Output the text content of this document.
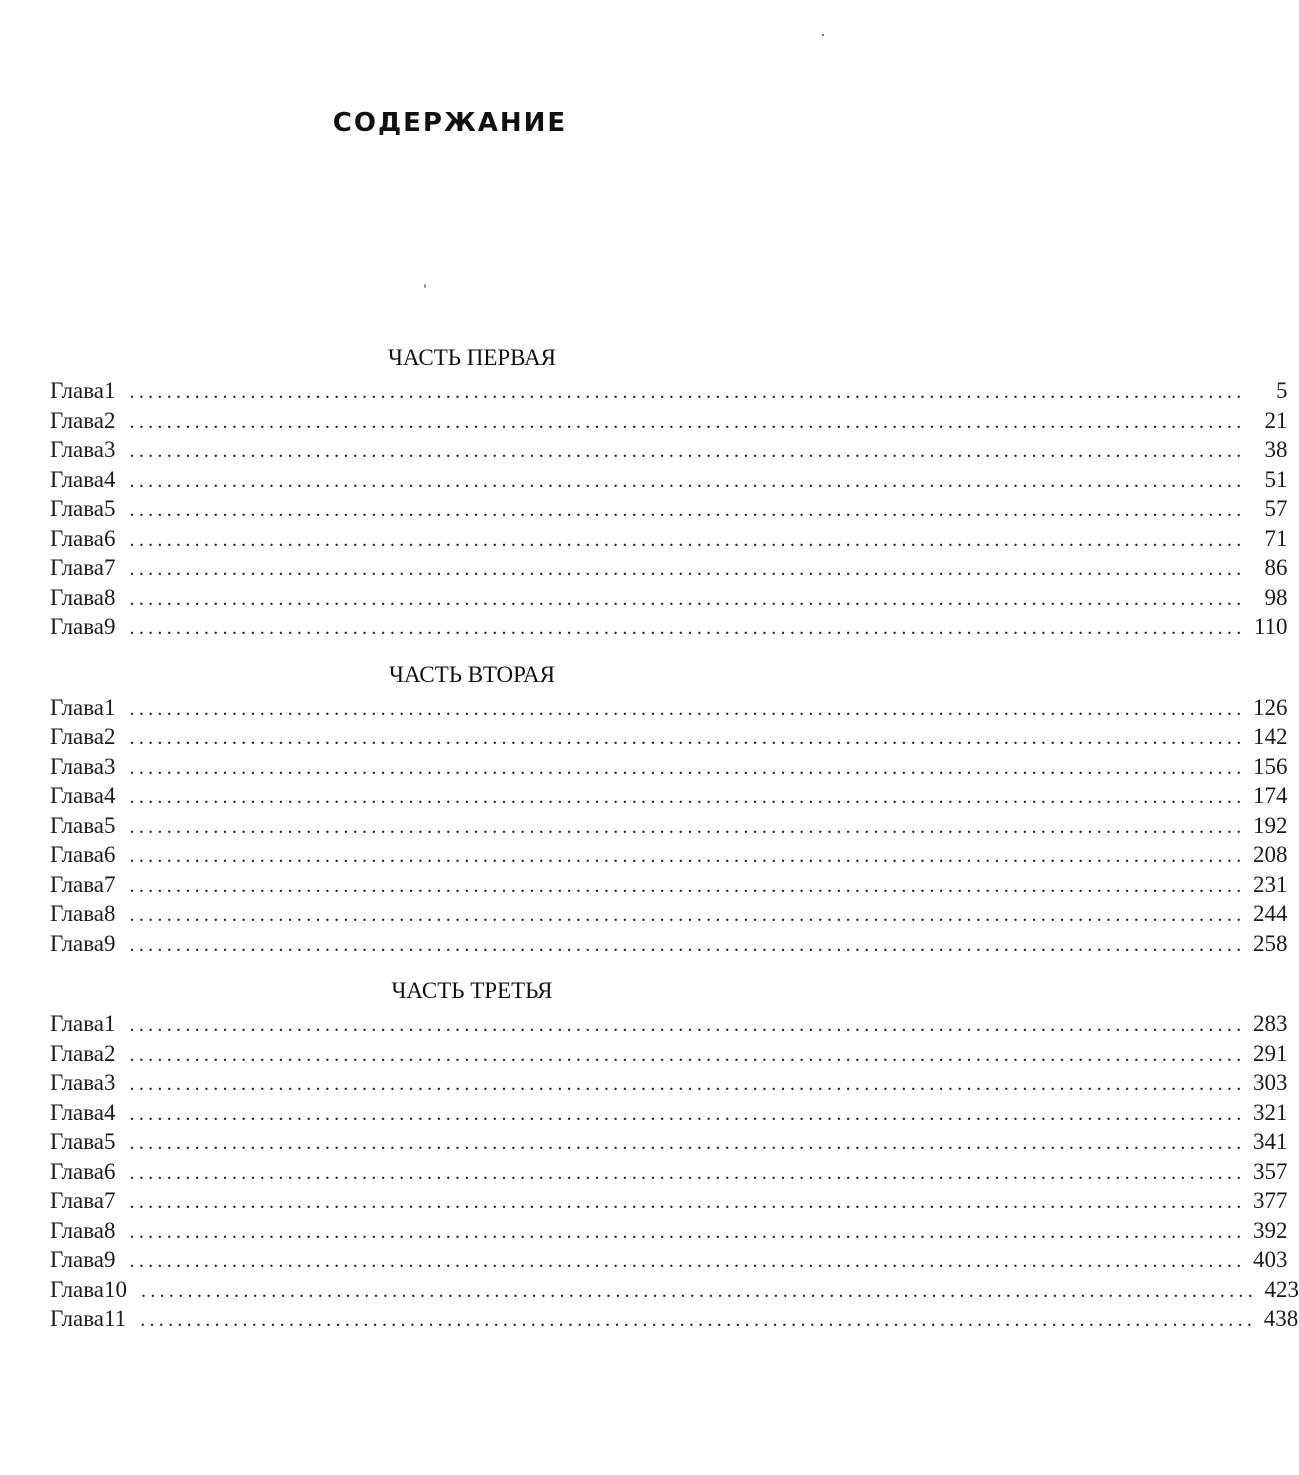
СОДЕРЖАНИЕ
ЧАСТЬ ПЕРВАЯ
Глава 1 ........................................................................................................................	5
Глава 2 ........................................................................................................................ 21
Глава 3 ........................................................................................................................ 38
Глава 4 ........................................................................................................................ 51
Глава 5 ........................................................................................................................ 57
Глава 6 ........................................................................................................................ 71
Глава 7 ........................................................................................................................ 86
Глава 8 ........................................................................................................................ 98
Глава 9 ........................................................................................................................ 110
ЧАСТЬ ВТОРАЯ
Глава 1 ........................................................................................................................ 126
Глава 2 ........................................................................................................................ 142
Глава 3 ........................................................................................................................ 156
Глава 4 ........................................................................................................................ 174
Глава 5 ........................................................................................................................ 192
Глава 6 ........................................................................................................................ 208
Глава 7 ........................................................................................................................ 231
Глава 8 ........................................................................................................................ 244
Глава 9 ........................................................................................................................ 258
ЧАСТЬ ТРЕТЬЯ
Глава 1 ........................................................................................................................ 283
Глава 2 ........................................................................................................................ 291
Глава 3 ........................................................................................................................ 303
Глава 4 ........................................................................................................................ 321
Глава 5 ........................................................................................................................ 341
Глава 6 ........................................................................................................................ 357
Глава 7 ........................................................................................................................ 377
Глава 8 ........................................................................................................................ 392
Глава 9 ........................................................................................................................ 403
Глава 10 ........................................................................................................................ 423
Глава 11 ........................................................................................................................ 438
